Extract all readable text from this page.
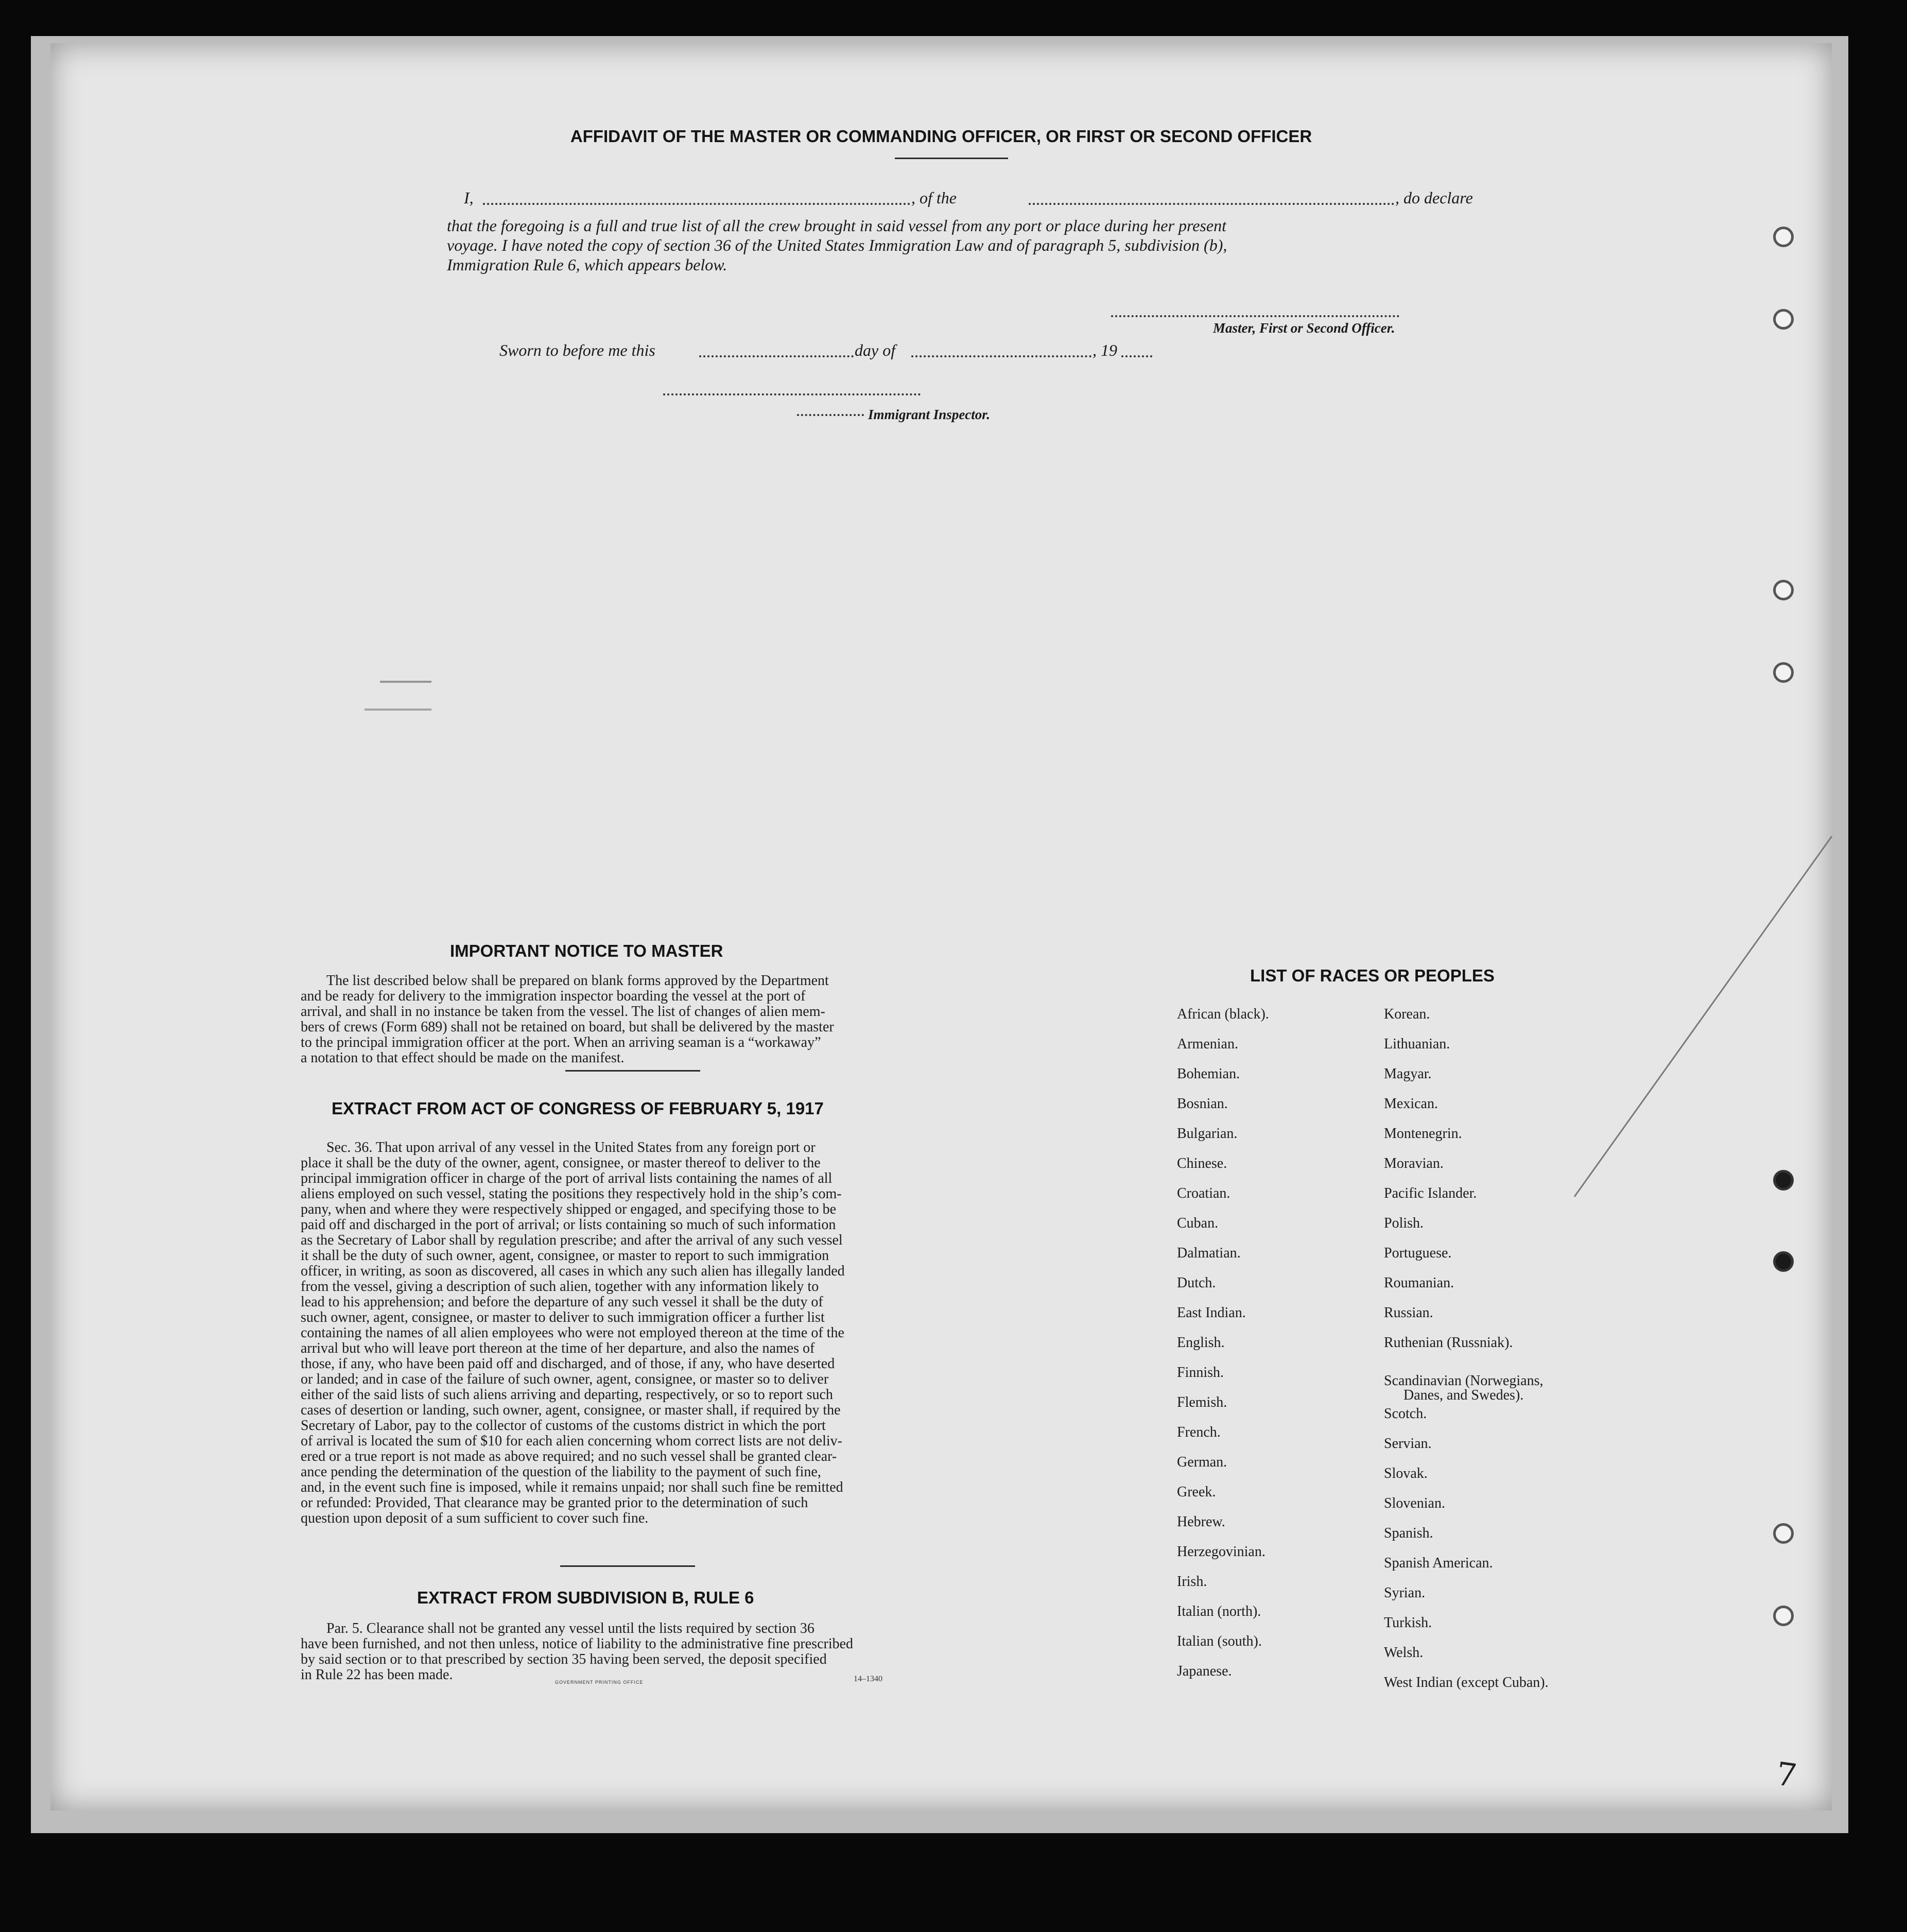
AFFIDAVIT OF THE MASTER OR COMMANDING OFFICER, OR FIRST OR SECOND OFFICER
I,	, of the	, do declare
that the foregoing is a full and true list of all the crew brought in said vessel from any port or place during her present
voyage. I have noted the copy of section 36 of the United States Immigration Law and of paragraph 5, subdivision (b),
Immigration Rule 6, which appears below.
Master, First or Second Officer.
Sworn to before me this	day of	, 19
Immigrant Inspector.
IMPORTANT NOTICE TO MASTER
The list described below shall be prepared on blank forms approved by the Department
and be ready for delivery to the immigration inspector boarding the vessel at the port of
arrival, and shall in no instance be taken from the vessel. The list of changes of alien mem-
bers of crews (Form 689) shall not be retained on board, but shall be delivered by the master
to the principal immigration officer at the port. When an arriving seaman is a “workaway”
a notation to that effect should be made on the manifest.
EXTRACT FROM ACT OF CONGRESS OF FEBRUARY 5, 1917
Sec. 36. That upon arrival of any vessel in the United States from any foreign port or
place it shall be the duty of the owner, agent, consignee, or master thereof to deliver to the
principal immigration officer in charge of the port of arrival lists containing the names of all
aliens employed on such vessel, stating the positions they respectively hold in the ship’s com-
pany, when and where they were respectively shipped or engaged, and specifying those to be
paid off and discharged in the port of arrival; or lists containing so much of such information
as the Secretary of Labor shall by regulation prescribe; and after the arrival of any such vessel
it shall be the duty of such owner, agent, consignee, or master to report to such immigration
officer, in writing, as soon as discovered, all cases in which any such alien has illegally landed
from the vessel, giving a description of such alien, together with any information likely to
lead to his apprehension; and before the departure of any such vessel it shall be the duty of
such owner, agent, consignee, or master to deliver to such immigration officer a further list
containing the names of all alien employees who were not employed thereon at the time of the
arrival but who will leave port thereon at the time of her departure, and also the names of
those, if any, who have been paid off and discharged, and of those, if any, who have deserted
or landed; and in case of the failure of such owner, agent, consignee, or master so to deliver
either of the said lists of such aliens arriving and departing, respectively, or so to report such
cases of desertion or landing, such owner, agent, consignee, or master shall, if required by the
Secretary of Labor, pay to the collector of customs of the customs district in which the port
of arrival is located the sum of $10 for each alien concerning whom correct lists are not deliv-
ered or a true report is not made as above required; and no such vessel shall be granted clear-
ance pending the determination of the question of the liability to the payment of such fine,
and, in the event such fine is imposed, while it remains unpaid; nor shall such fine be remitted
or refunded: Provided, That clearance may be granted prior to the determination of such
question upon deposit of a sum sufficient to cover such fine.
EXTRACT FROM SUBDIVISION B, RULE 6
Par. 5. Clearance shall not be granted any vessel until the lists required by section 36
have been furnished, and not then unless, notice of liability to the administrative fine prescribed
by said section or to that prescribed by section 35 having been served, the deposit specified
in Rule 22 has been made.	GOVERNMENT PRINTING OFFICE	14–1340
LIST OF RACES OR PEOPLES
African (black).
Armenian.
Bohemian.
Bosnian.
Bulgarian.
Chinese.
Croatian.
Cuban.
Dalmatian.
Dutch.
East Indian.
English.
Finnish.
Flemish.
French.
German.
Greek.
Hebrew.
Herzegovinian.
Irish.
Italian (north).
Italian (south).
Japanese.
Korean.
Lithuanian.
Magyar.
Mexican.
Montenegrin.
Moravian.
Pacific Islander.
Polish.
Portuguese.
Roumanian.
Russian.
Ruthenian (Russniak).
Scandinavian (Norwegians,
Danes, and Swedes).
Scotch.
Servian.
Slovak.
Slovenian.
Spanish.
Spanish American.
Syrian.
Turkish.
Welsh.
West Indian (except Cuban).
7
